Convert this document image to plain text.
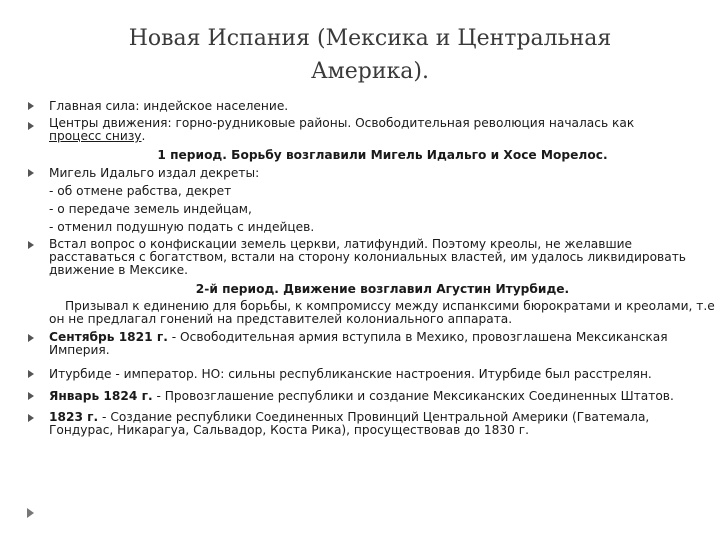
Новая Испания (Мексика и Центральная
Америка).
Главная сила: индейское население.
Центры движения: горно-рудниковые районы. Освободительная революция началась как
процесс снизу.
1 период. Борьбу возглавили Мигель Идальго и Хосе Морелос.
Мигель Идальго издал декреты:
- об отмене рабства, декрет
- о передаче земель индейцам,
- отменил подушную подать с индейцев.
Встал вопрос о конфискации земель церкви, латифундий. Поэтому креолы, не желавшие расставаться с богатством, встали на сторону колониальных властей, им удалось ликвидировать движение в Мексике.
2-й период. Движение возглавил Агустин Итурбиде.
Призывал к единению для борьбы, к компромиссу между испанксими бюрократами и креолами, т.е он не предлагал гонений на представителей колониального аппарата.
Сентябрь 1821 г. - Освободительная армия вступила в Мехико, провозглашена Мексиканская Империя.
Итурбиде - император. НО: сильны республиканские настроения. Итурбиде был расстрелян.
Январь 1824 г. - Провозглашение республики и создание Мексиканских Соединенных Штатов.
1823 г. - Создание республики Соединенных Провинций Центральной Америки (Гватемала, Гондурас, Никарагуа, Сальвадор, Коста Рика), просуществовав до 1830 г.
